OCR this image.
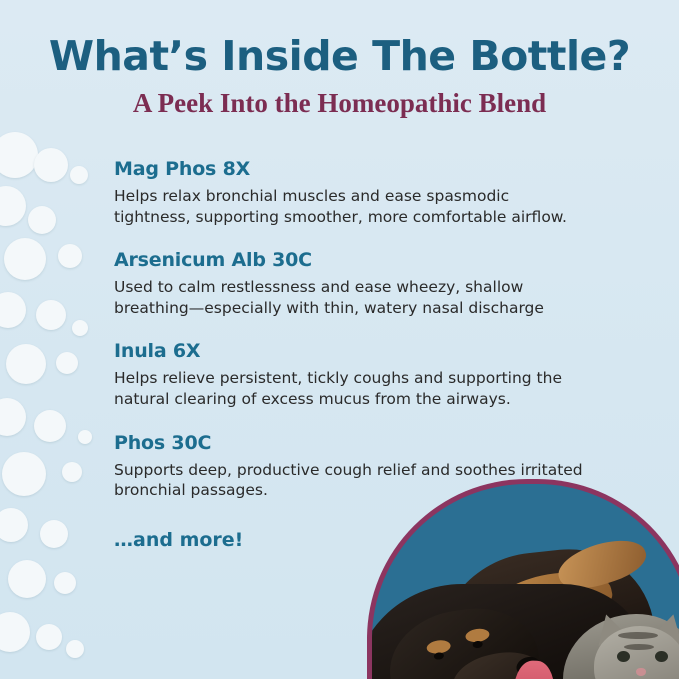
What’s Inside The Bottle?
A Peek Into the Homeopathic Blend
Mag Phos 8X
Helps relax bronchial muscles and ease spasmodic tightness, supporting smoother, more comfortable airflow.
Arsenicum Alb 30C
Used to calm restlessness and ease wheezy, shallow breathing—especially with thin, watery nasal discharge
Inula 6X
Helps relieve persistent, tickly coughs and supporting the natural clearing of excess mucus from the airways.
Phos 30C
Supports deep, productive cough relief and soothes irritated bronchial passages.
…and more!
